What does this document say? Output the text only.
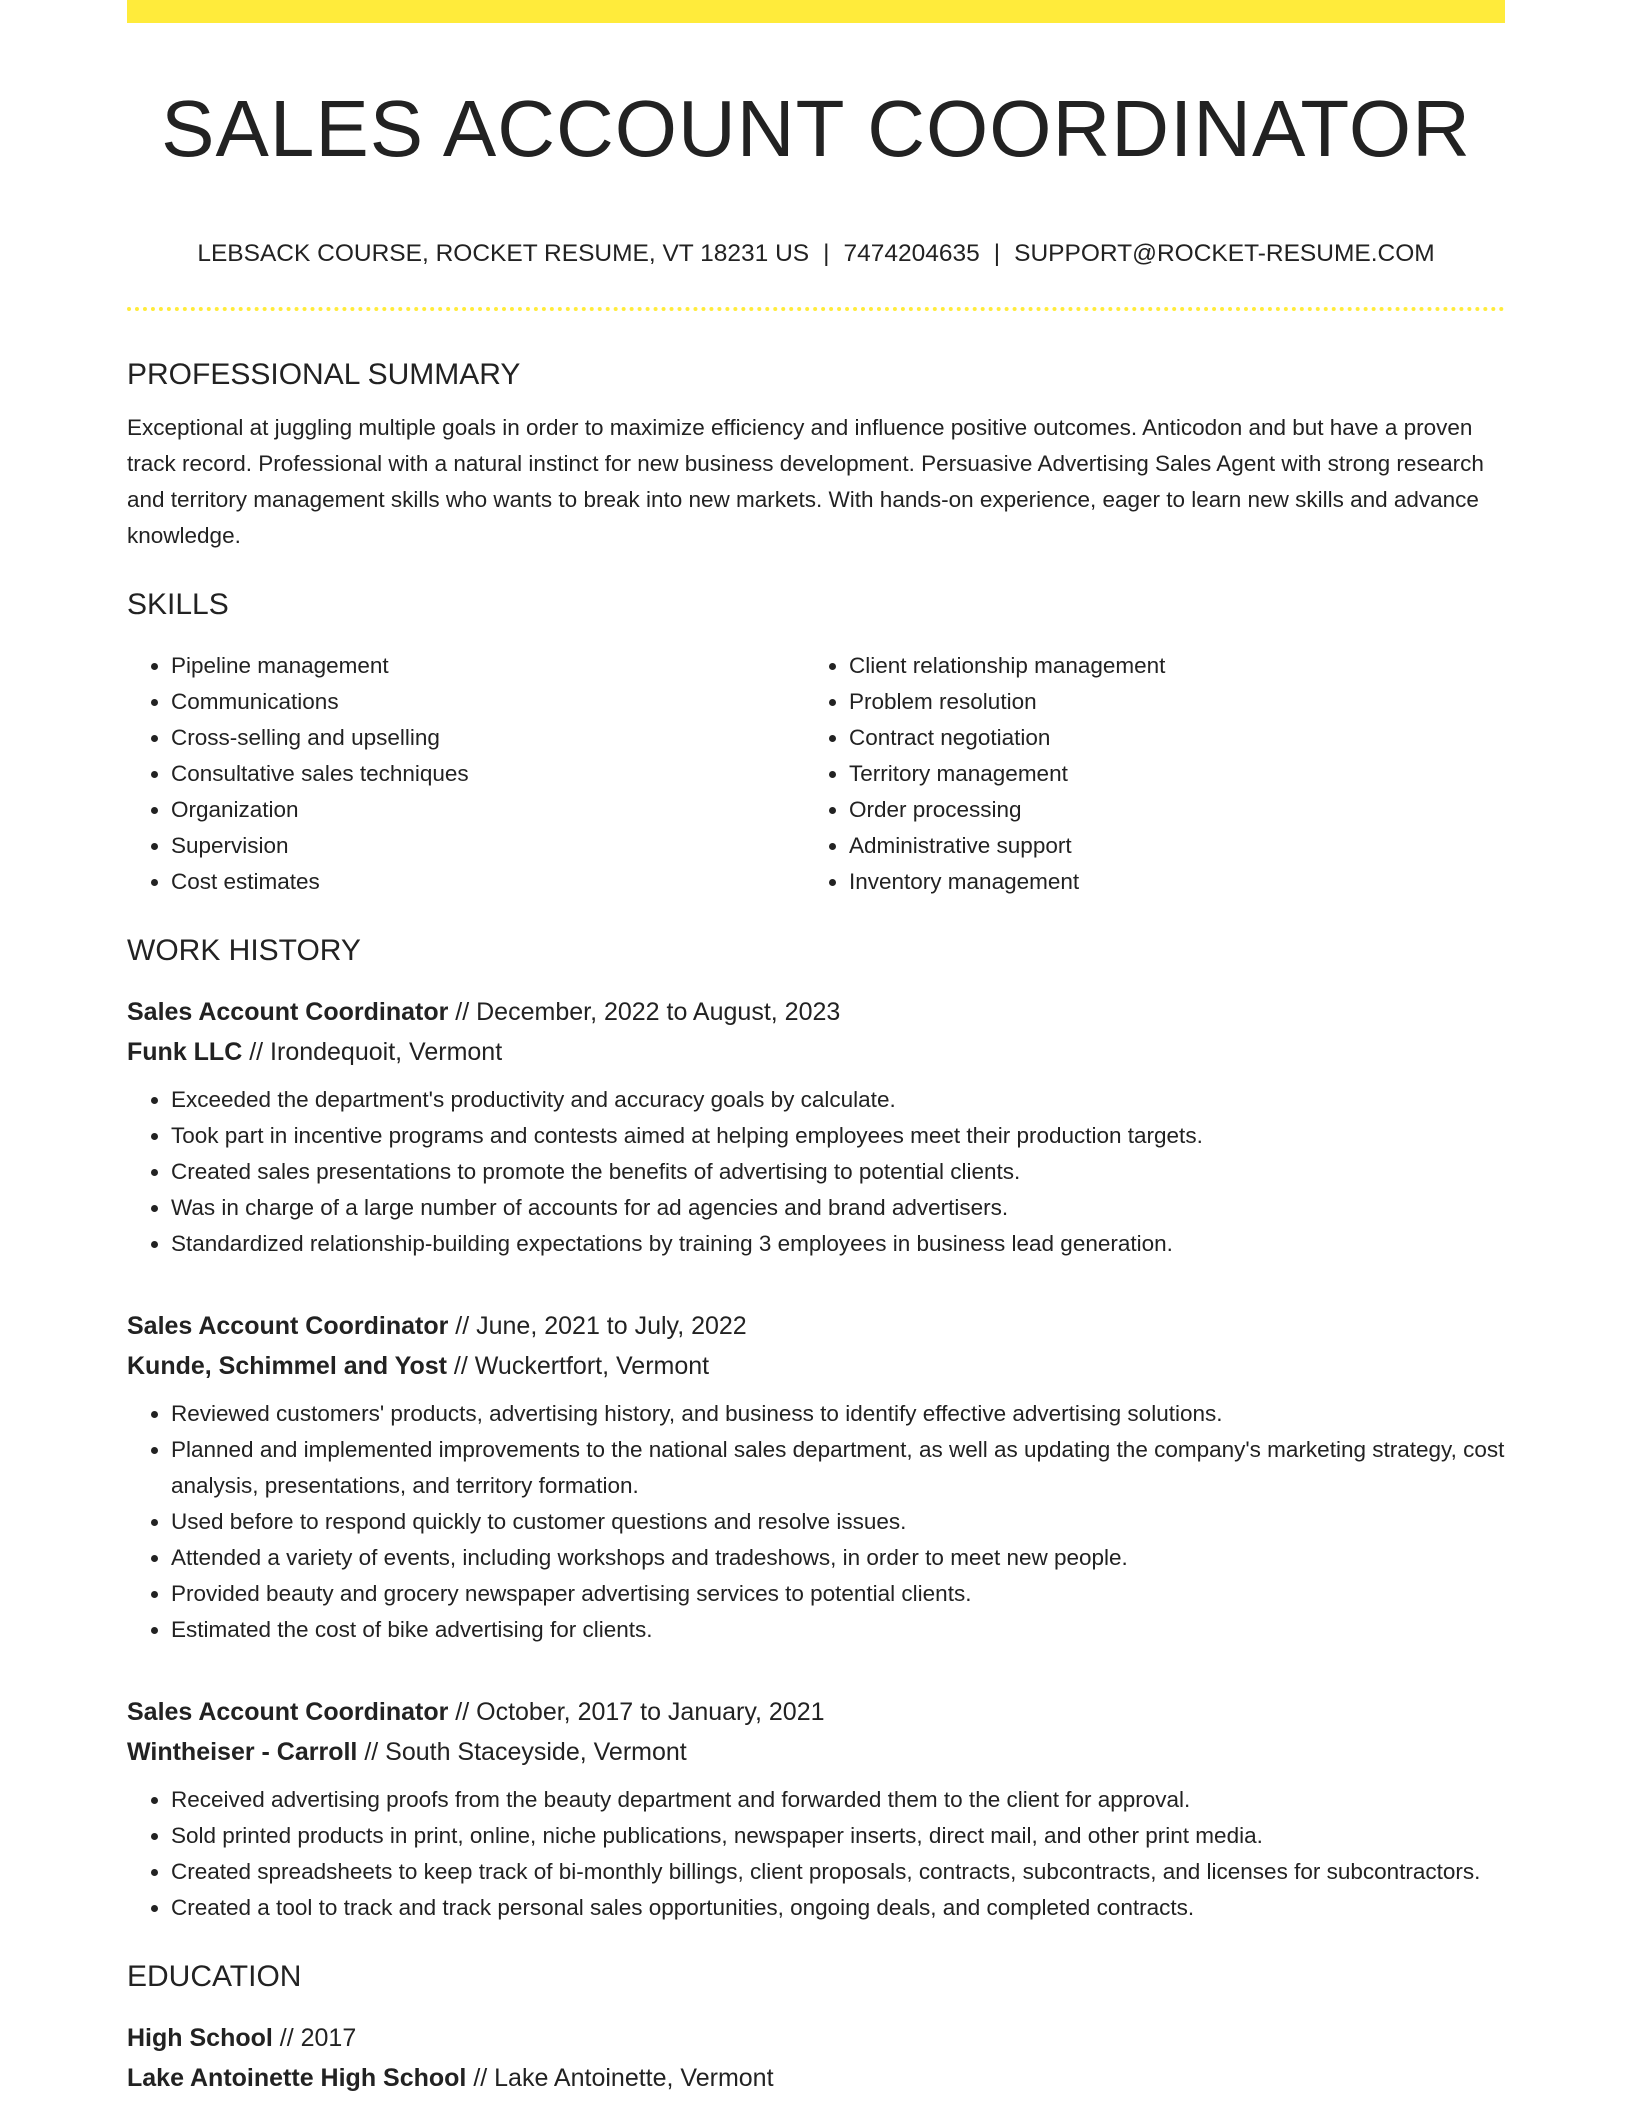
SALES ACCOUNT COORDINATOR
LEBSACK COURSE, ROCKET RESUME, VT 18231 US | 7474204635 | SUPPORT@ROCKET-RESUME.COM
PROFESSIONAL SUMMARY

Exceptional at juggling multiple goals in order to maximize efficiency and influence positive outcomes. Anticodon and but have a proven track record. Professional with a natural instinct for new business development. Persuasive Advertising Sales Agent with strong research and territory management skills who wants to break into new markets. With hands-on experience, eager to learn new skills and advance knowledge.

SKILLS
• Pipeline management
• Communications
• Cross-selling and upselling
• Consultative sales techniques
• Organization
• Supervision
• Cost estimates
• Client relationship management
• Problem resolution
• Contract negotiation
• Territory management
• Order processing
• Administrative support
• Inventory management
WORK HISTORY
Sales Account Coordinator // December, 2022 to August, 2023
Funk LLC // Irondequoit, Vermont
• Exceeded the department's productivity and accuracy goals by calculate.
• Took part in incentive programs and contests aimed at helping employees meet their production targets.
• Created sales presentations to promote the benefits of advertising to potential clients.
• Was in charge of a large number of accounts for ad agencies and brand advertisers.
• Standardized relationship-building expectations by training 3 employees in business lead generation.
Sales Account Coordinator // June, 2021 to July, 2022
Kunde, Schimmel and Yost // Wuckertfort, Vermont
• Reviewed customers' products, advertising history, and business to identify effective advertising solutions.
• Planned and implemented improvements to the national sales department, as well as updating the company's marketing strategy, cost analysis, presentations, and territory formation.
• Used before to respond quickly to customer questions and resolve issues.
• Attended a variety of events, including workshops and tradeshows, in order to meet new people.
• Provided beauty and grocery newspaper advertising services to potential clients.
• Estimated the cost of bike advertising for clients.
Sales Account Coordinator // October, 2017 to January, 2021
Wintheiser - Carroll // South Staceyside, Vermont
• Received advertising proofs from the beauty department and forwarded them to the client for approval.
• Sold printed products in print, online, niche publications, newspaper inserts, direct mail, and other print media.
• Created spreadsheets to keep track of bi-monthly billings, client proposals, contracts, subcontracts, and licenses for subcontractors.
• Created a tool to track and track personal sales opportunities, ongoing deals, and completed contracts.
EDUCATION
High School // 2017
Lake Antoinette High School // Lake Antoinette, Vermont
